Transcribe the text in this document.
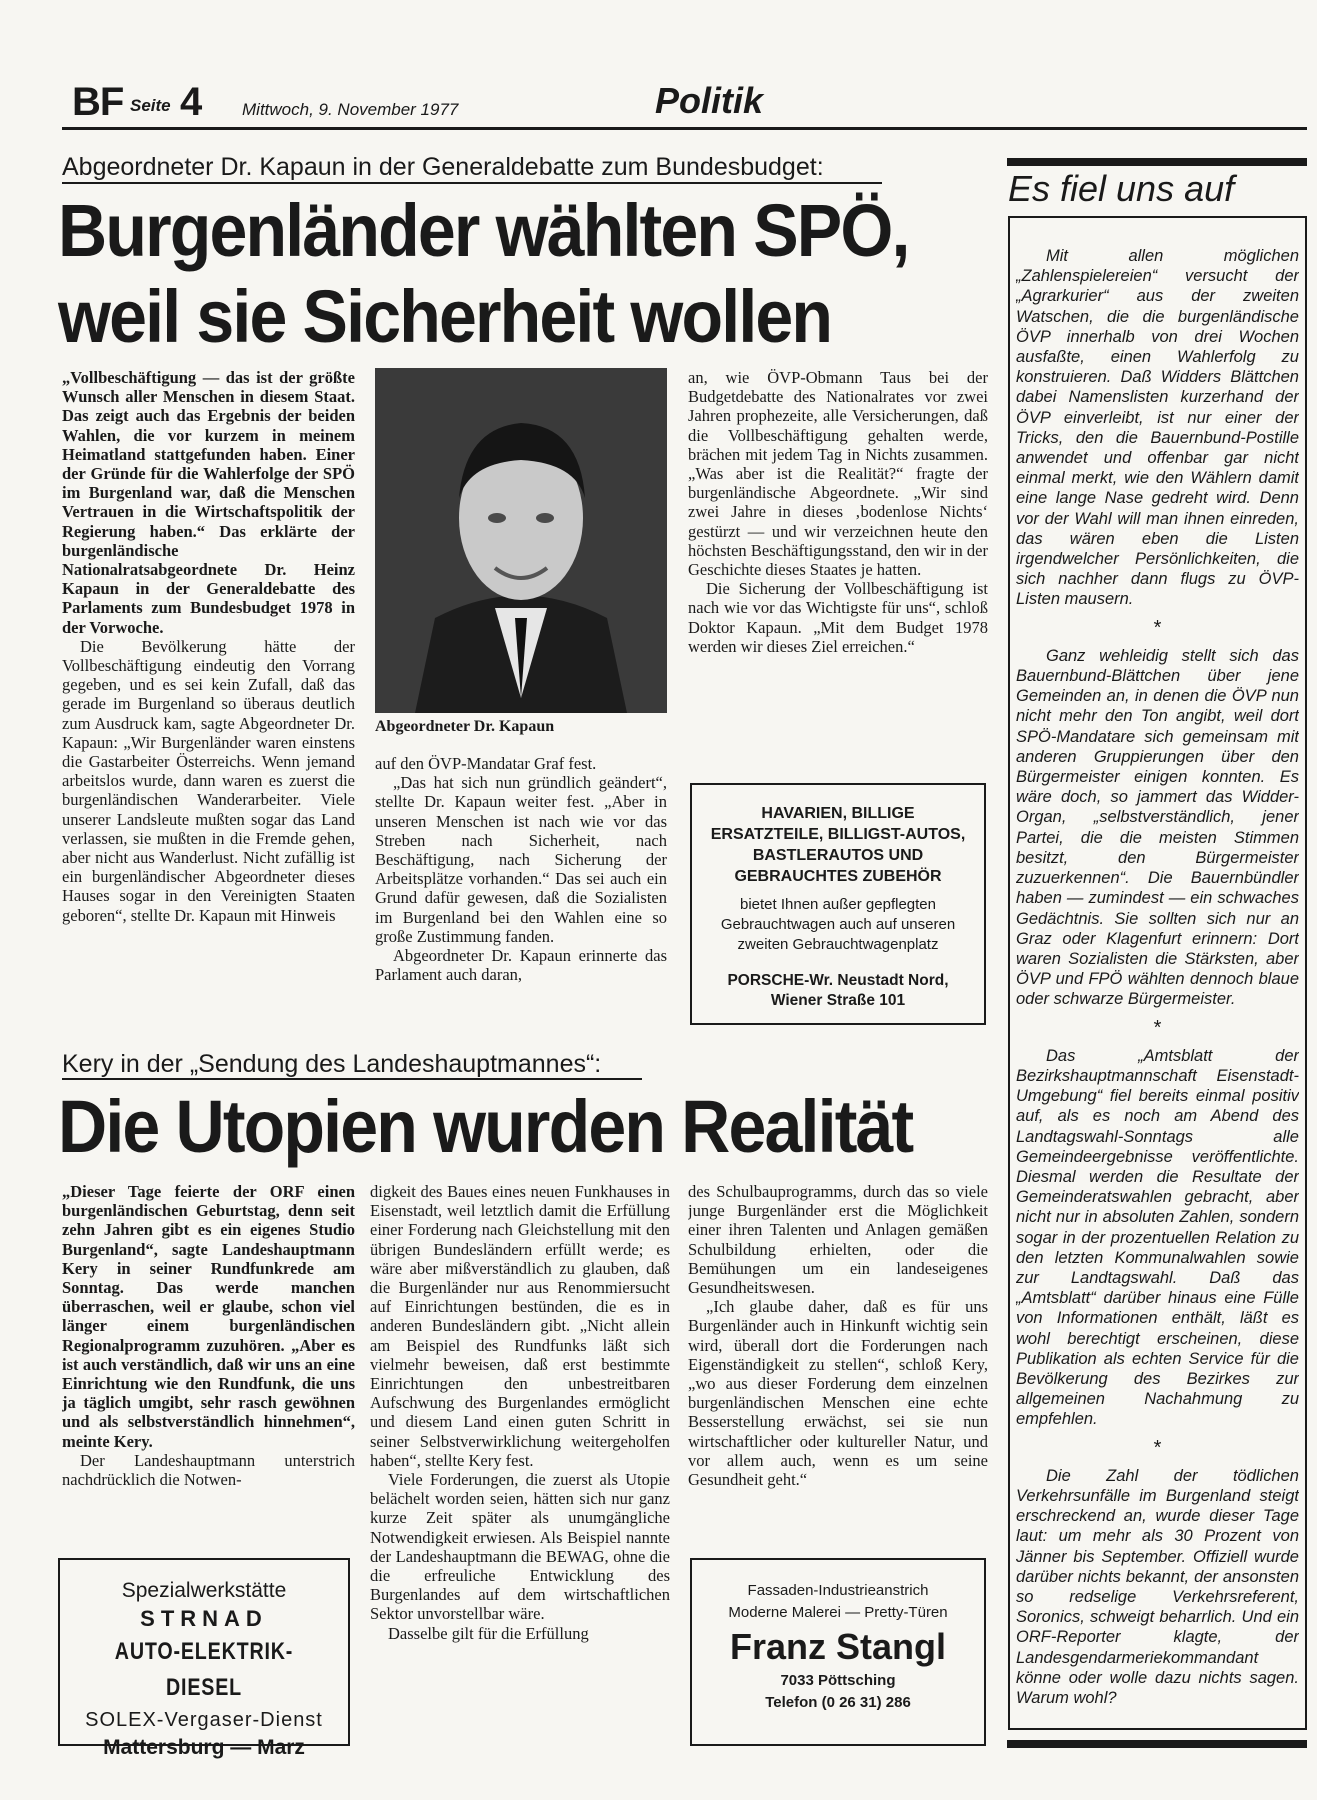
BF Seite 4 Mittwoch, 9. November 1977	Politik
Abgeordneter Dr. Kapaun in der Generaldebatte zum Bundesbudget:
Burgenländer wählten SPÖ,
weil sie Sicherheit wollen

„Vollbeschäftigung — das ist der größte Wunsch aller Menschen in diesem Staat. Das zeigt auch das Ergebnis der beiden Wahlen, die vor kurzem in meinem Heimatland stattgefunden haben. Einer der Gründe für die Wahlerfolge der SPÖ im Burgenland war, daß die Menschen Vertrauen in die Wirtschaftspolitik der Regierung haben.“ Das erklärte der burgenländische Nationalratsabgeordnete Dr. Heinz Kapaun in der Generaldebatte des Parlaments zum Bundesbudget 1978 in der Vorwoche.

Die Bevölkerung hätte der Vollbeschäftigung eindeutig den Vorrang gegeben, und es sei kein Zufall, daß das gerade im Burgenland so überaus deutlich zum Ausdruck kam, sagte Abgeordneter Dr. Kapaun: „Wir Burgenländer waren einstens die Gastarbeiter Österreichs. Wenn jemand arbeitslos wurde, dann waren es zuerst die burgenländischen Wanderarbeiter. Viele unserer Landsleute mußten sogar das Land verlassen, sie mußten in die Fremde gehen, aber nicht aus Wanderlust. Nicht zufällig ist ein burgenländischer Abgeordneter dieses Hauses sogar in den Vereinigten Staaten geboren“, stellte Dr. Kapaun mit Hinweis

Abgeordneter Dr. Kapaun

auf den ÖVP-Mandatar Graf fest.

„Das hat sich nun gründlich geändert“, stellte Dr. Kapaun weiter fest. „Aber in unseren Menschen ist nach wie vor das Streben nach Sicherheit, nach Beschäftigung, nach Sicherung der Arbeitsplätze vorhanden.“ Das sei auch ein Grund dafür gewesen, daß die Sozialisten im Burgenland bei den Wahlen eine so große Zustimmung fanden.

Abgeordneter Dr. Kapaun erinnerte das Parlament auch daran,

an, wie ÖVP-Obmann Taus bei der Budgetdebatte des Nationalrates vor zwei Jahren prophezeite, alle Versicherungen, daß die Vollbeschäftigung gehalten werde, brächen mit jedem Tag in Nichts zusammen. „Was aber ist die Realität?“ fragte der burgenländische Abgeordnete. „Wir sind zwei Jahre in dieses ‚bodenlose Nichts‘ gestürzt — und wir verzeichnen heute den höchsten Beschäftigungsstand, den wir in der Geschichte dieses Staates je hatten.

Die Sicherung der Vollbeschäftigung ist nach wie vor das Wichtigste für uns“, schloß Doktor Kapaun. „Mit dem Budget 1978 werden wir dieses Ziel erreichen.“

HAVARIEN, BILLIGE ERSATZTEILE, BILLIGST-AUTOS, BASTLERAUTOS UND GEBRAUCHTES ZUBEHÖR
bietet Ihnen außer gepflegten Gebrauchtwagen auch auf unseren zweiten Gebrauchtwagenplatz
PORSCHE-Wr. Neustadt Nord, Wiener Straße 101
Kery in der „Sendung des Landeshauptmannes“:
Die Utopien wurden Realität

„Dieser Tage feierte der ORF einen burgenländischen Geburtstag, denn seit zehn Jahren gibt es ein eigenes Studio Burgenland“, sagte Landeshauptmann Kery in seiner Rundfunkrede am Sonntag. Das werde manchen überraschen, weil er glaube, schon viel länger einem burgenländischen Regionalprogramm zuzuhören. „Aber es ist auch verständlich, daß wir uns an eine Einrichtung wie den Rundfunk, die uns ja täglich umgibt, sehr rasch gewöhnen und als selbstverständlich hinnehmen“, meinte Kery.

Der Landeshauptmann unterstrich nachdrücklich die Notwen-

digkeit des Baues eines neuen Funkhauses in Eisenstadt, weil letztlich damit die Erfüllung einer Forderung nach Gleichstellung mit den übrigen Bundesländern erfüllt werde; es wäre aber mißverständlich zu glauben, daß die Burgenländer nur aus Renommiersucht auf Einrichtungen bestünden, die es in anderen Bundesländern gibt. „Nicht allein am Beispiel des Rundfunks läßt sich vielmehr beweisen, daß erst bestimmte Einrichtungen den unbestreitbaren Aufschwung des Burgenlandes ermöglicht und diesem Land einen guten Schritt in seiner Selbstverwirklichung weitergeholfen haben“, stellte Kery fest.

Viele Forderungen, die zuerst als Utopie belächelt worden seien, hätten sich nur ganz kurze Zeit später als unumgängliche Notwendigkeit erwiesen. Als Beispiel nannte der Landeshauptmann die BEWAG, ohne die die erfreuliche Entwicklung des Burgenlandes auf dem wirtschaftlichen Sektor unvorstellbar wäre.

Dasselbe gilt für die Erfüllung

des Schulbauprogramms, durch das so viele junge Burgenländer erst die Möglichkeit einer ihren Talenten und Anlagen gemäßen Schulbildung erhielten, oder die Bemühungen um ein landeseigenes Gesundheitswesen.

„Ich glaube daher, daß es für uns Burgenländer auch in Hinkunft wichtig sein wird, überall dort die Forderungen nach Eigenständigkeit zu stellen“, schloß Kery, „wo aus dieser Forderung dem einzelnen burgenländischen Menschen eine echte Besserstellung erwächst, sei sie nun wirtschaftlicher oder kultureller Natur, und vor allem auch, wenn es um seine Gesundheit geht.“

Spezialwerkstätte
STRNAD
AUTO-ELEKTRIK-DIESEL
SOLEX-Vergaser-Dienst
Mattersburg — Marz
Fassaden-Industrieanstrich
Moderne Malerei — Pretty-Türen
Franz Stangl
7033 Pöttsching
Telefon (0 26 31) 286
Es fiel uns auf

Mit allen möglichen „Zahlenspielereien“ versucht der „Agrarkurier“ aus der zweiten Watschen, die die burgenländische ÖVP innerhalb von drei Wochen ausfaßte, einen Wahlerfolg zu konstruieren. Daß Widders Blättchen dabei Namenslisten kurzerhand der ÖVP einverleibt, ist nur einer der Tricks, den die Bauernbund-Postille anwendet und offenbar gar nicht einmal merkt, wie den Wählern damit eine lange Nase gedreht wird. Denn vor der Wahl will man ihnen einreden, das wären eben die Listen irgendwelcher Persönlichkeiten, die sich nachher dann flugs zu ÖVP-Listen mausern.

*

Ganz wehleidig stellt sich das Bauernbund-Blättchen über jene Gemeinden an, in denen die ÖVP nun nicht mehr den Ton angibt, weil dort SPÖ-Mandatare sich gemeinsam mit anderen Gruppierungen über den Bürgermeister einigen konnten. Es wäre doch, so jammert das Widder-Organ, „selbstverständlich, jener Partei, die die meisten Stimmen besitzt, den Bürgermeister zuzuerkennen“. Die Bauernbündler haben — zumindest — ein schwaches Gedächtnis. Sie sollten sich nur an Graz oder Klagenfurt erinnern: Dort waren Sozialisten die Stärksten, aber ÖVP und FPÖ wählten dennoch blaue oder schwarze Bürgermeister.

*

Das „Amtsblatt der Bezirkshauptmannschaft Eisenstadt-Umgebung“ fiel bereits einmal positiv auf, als es noch am Abend des Landtagswahl-Sonntags alle Gemeindeergebnisse veröffentlichte. Diesmal werden die Resultate der Gemeinderatswahlen gebracht, aber nicht nur in absoluten Zahlen, sondern sogar in der prozentuellen Relation zu den letzten Kommunalwahlen sowie zur Landtagswahl. Daß das „Amtsblatt“ darüber hinaus eine Fülle von Informationen enthält, läßt es wohl berechtigt erscheinen, diese Publikation als echten Service für die Bevölkerung des Bezirkes zur allgemeinen Nachahmung zu empfehlen.

*

Die Zahl der tödlichen Verkehrsunfälle im Burgenland steigt erschreckend an, wurde dieser Tage laut: um mehr als 30 Prozent von Jänner bis September. Offiziell wurde darüber nichts bekannt, der ansonsten so redselige Verkehrsreferent, Soronics, schweigt beharrlich. Und ein ORF-Reporter klagte, der Landesgendarmeriekommandant könne oder wolle dazu nichts sagen. Warum wohl?
